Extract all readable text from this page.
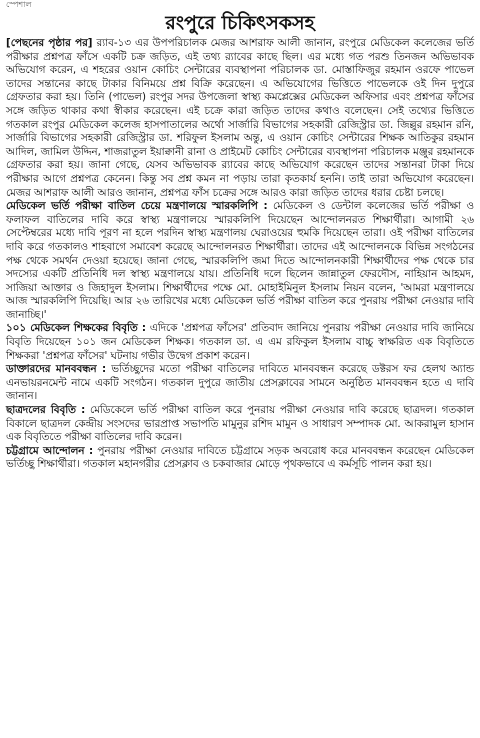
স্পেশাল
রংপুরে চিকিৎসকসহ

[পেছনের পৃষ্ঠার পর] র‍্যাব-১৩ এর উপপরিচালক মেজর আশরাফ আলী জানান, রংপুরে মেডিকেল কলেজের ভর্তি পরীক্ষার প্রশ্নপত্র ফাঁসে একটি চক্র জড়িত, এই তথ্য র‍্যাবের কাছে ছিল। এর মধ্যে গত পরশু তিনজন অভিভাবক অভিযোগ করেন, এ শহরের ওয়ান কোচিং সেন্টারের ব্যবস্থাপনা পরিচালক ডা. মোস্তাফিজুর রহমান ওরফে পাভেল তাদের সন্তানের কাছে টাকার বিনিময়ে প্রশ্ন বিক্রি করেছেন। এ অভিযোগের ভিত্তিতে পাভেলকে ওই দিন দুপুরে গ্রেফতার করা হয়। তিনি (পাভেল) রংপুর সদর উপজেলা স্বাস্থ্য কমপ্লেক্সের মেডিকেল অফিসার এবং প্রশ্নপত্র ফাঁসের সঙ্গে জড়িত থাকার কথা স্বীকার করেছেন। এই চক্রে কারা জড়িত তাদের কথাও বলেছেন। সেই তথ্যের ভিত্তিতে গতকাল রংপুর মেডিকেল কলেজ হাসপাতালের অর্থো সার্জারি বিভাগের সহকারী রেজিস্ট্রার ডা. জিল্লুর রহমান রনি, সার্জারি বিভাগের সহকারী রেজিস্ট্রার ডা. শরিফুল ইসলাম অন্তু, এ ওয়ান কোচিং সেন্টারের শিক্ষক আতিকুর রহমান আদিল, জামিল উদ্দিন, শাজরাতুল ইয়াক্বানী রানা ও প্রাইমেট কোচিং সেন্টারের ব্যবস্থাপনা পরিচালক মঞ্জুর রহমানকে গ্রেফতার করা হয়। জানা গেছে, যেসব অভিভাবক র‍্যাবের কাছে অভিযোগ করেছেন তাদের সন্তানরা টাকা দিয়ে পরীক্ষার আগে প্রশ্নপত্র কেনেন। কিন্তু সব প্রশ্ন কমন না পড়ায় তারা কৃতকার্য হননি। তাই তারা অভিযোগ করেছেন। মেজর আশরাফ আলী আরও জানান, প্রশ্নপত্র ফাঁস চক্রের সঙ্গে আরও কারা জড়িত তাদের ধরার চেষ্টা চলছে।

মেডিকেল ভর্তি পরীক্ষা বাতিল চেয়ে মন্ত্রণালয়ে স্মারকলিপি : মেডিকেল ও ডেন্টাল কলেজের ভর্তি পরীক্ষা ও ফলাফল বাতিলের দাবি করে স্বাস্থ্য মন্ত্রণালয়ে স্মারকলিপি দিয়েছেন আন্দোলনরত শিক্ষার্থীরা। আগামী ২৬ সেপ্টেম্বরের মধ্যে দাবি পূরণ না হলে পরদিন স্বাস্থ্য মন্ত্রণালয় ঘেরাওয়ের হুমকি দিয়েছেন তারা। ওই পরীক্ষা বাতিলের দাবি করে গতকালও শাহবাগে সমাবেশ করেছে আন্দোলনরত শিক্ষার্থীরা। তাদের এই আন্দোলনকে বিভিন্ন সংগঠনের পক্ষ থেকে সমর্থন দেওয়া হয়েছে। জানা গেছে, স্মারকলিপি জমা দিতে আন্দোলনকারী শিক্ষার্থীদের পক্ষ থেকে চার সদস্যের একটি প্রতিনিধি দল স্বাস্থ্য মন্ত্রণালয়ে যায়। প্রতিনিধি দলে ছিলেন জান্নাতুল ফেরদৌস, নাহিয়ান আহমদ, সাজিয়া আক্তার ও জিহাদুল ইসলাম। শিক্ষার্থীদের পক্ষে মো. মোহাইমিনুল ইসলাম নিয়ন বলেন, 'আমরা মন্ত্রণালয়ে আজ স্মারকলিপি দিয়েছি। আর ২৬ তারিখের মধ্যে মেডিকেল ভর্তি পরীক্ষা বাতিল করে পুনরায় পরীক্ষা নেওয়ার দাবি জানাচ্ছি।'

১০১ মেডিকেল শিক্ষকের বিবৃতি : এদিকে 'প্রশ্নপত্র ফাঁসের' প্রতিবাদ জানিয়ে পুনরায় পরীক্ষা নেওয়ার দাবি জানিয়ে বিবৃতি দিয়েছেন ১০১ জন মেডিকেল শিক্ষক। গতকাল ডা. এ এম রফিকুল ইসলাম বাচ্চু স্বাক্ষরিত এক বিবৃতিতে শিক্ষকরা 'প্রশ্নপত্র ফাঁসের' ঘটনায় গভীর উদ্বেগ প্রকাশ করেন।

ডাক্তারদের মানববন্ধন : ভর্তিচ্ছুদের মতো পরীক্ষা বাতিলের দাবিতে মানববন্ধন করেছে ডক্টরস ফর হেলথ অ্যান্ড এনভায়রনমেন্ট নামে একটি সংগঠন। গতকাল দুপুরে জাতীয় প্রেসক্লাবের সামনে অনুষ্ঠিত মানববন্ধন হতে এ দাবি জানান।

ছাত্রদলের বিবৃতি : মেডিকেলে ভর্তি পরীক্ষা বাতিল করে পুনরায় পরীক্ষা নেওয়ার দাবি করেছে ছাত্রদল। গতকাল বিকালে ছাত্রদল কেন্দ্রীয় সংসদের ভারপ্রাপ্ত সভাপতি মামুনুর রশিদ মামুন ও সাধারণ সম্পাদক মো. আকরামুল হাসান এক বিবৃতিতে পরীক্ষা বাতিলের দাবি করেন।

চট্টগ্রামে আন্দোলন : পুনরায় পরীক্ষা নেওয়ার দাবিতে চট্টগ্রামে সড়ক অবরোধ করে মানববন্ধন করেছেন মেডিকেল ভর্তিচ্ছু শিক্ষার্থীরা। গতকাল মহানগরীর প্রেসক্লাব ও চকবাজার মোড়ে পৃথকভাবে এ কর্মসূচি পালন করা হয়।
